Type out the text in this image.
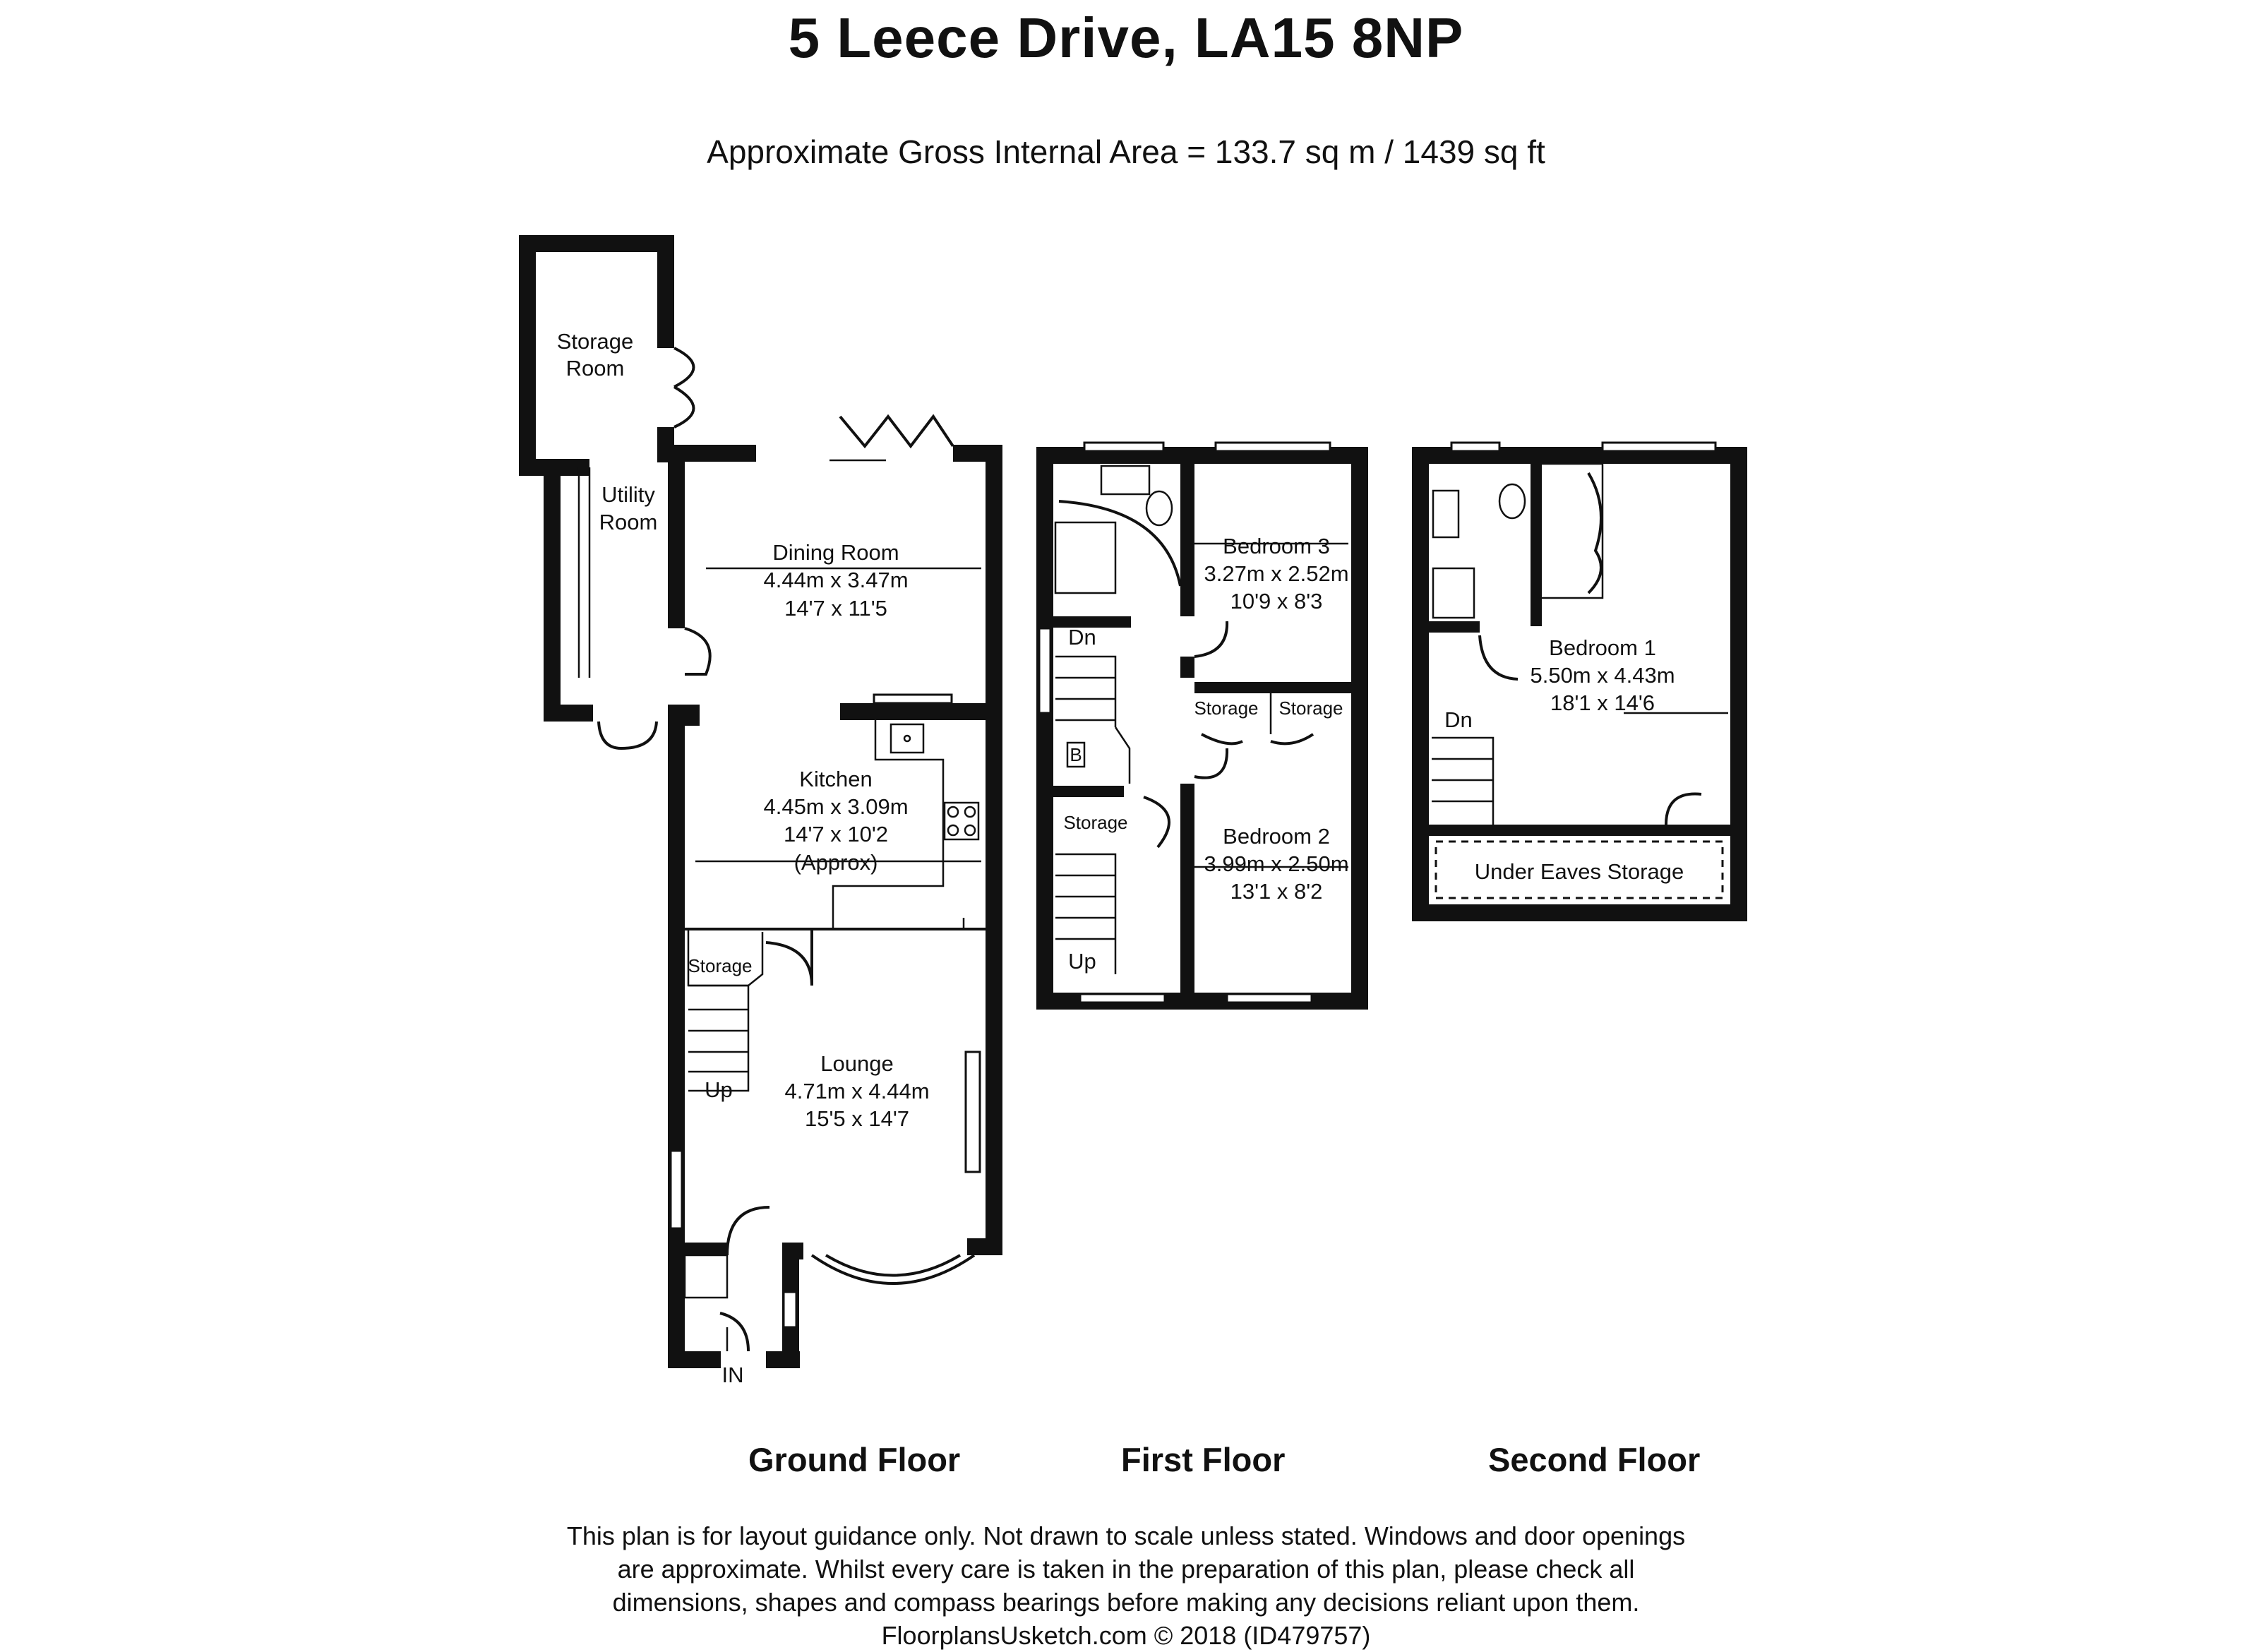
5 Leece Drive, LA15 8NP
Approximate Gross Internal Area = 133.7 sq m / 1439 sq ft
Storage
Room
Utility
Room
Dining Room
4.44m x 3.47m
14'7 x 11'5
Kitchen
4.45m x 3.09m
14'7 x 10'2
(Approx)
Lounge
4.71m x 4.44m
15'5 x 14'7
Storage
Up
IN
Bedroom 3
3.27m x 2.52m
10'9 x 8'3
Storage Storage
Storage
Bedroom 2
3.99m x 2.50m
13'1 x 8'2
Dn
Up
B
Bedroom 1
5.50m x 4.43m
18'1 x 14'6
Dn
Under Eaves Storage
Ground Floor	First Floor	Second Floor
This plan is for layout guidance only. Not drawn to scale unless stated. Windows and door openings
are approximate. Whilst every care is taken in the preparation of this plan, please check all
dimensions, shapes and compass bearings before making any decisions reliant upon them.
FloorplansUsketch.com © 2018 (ID479757)
